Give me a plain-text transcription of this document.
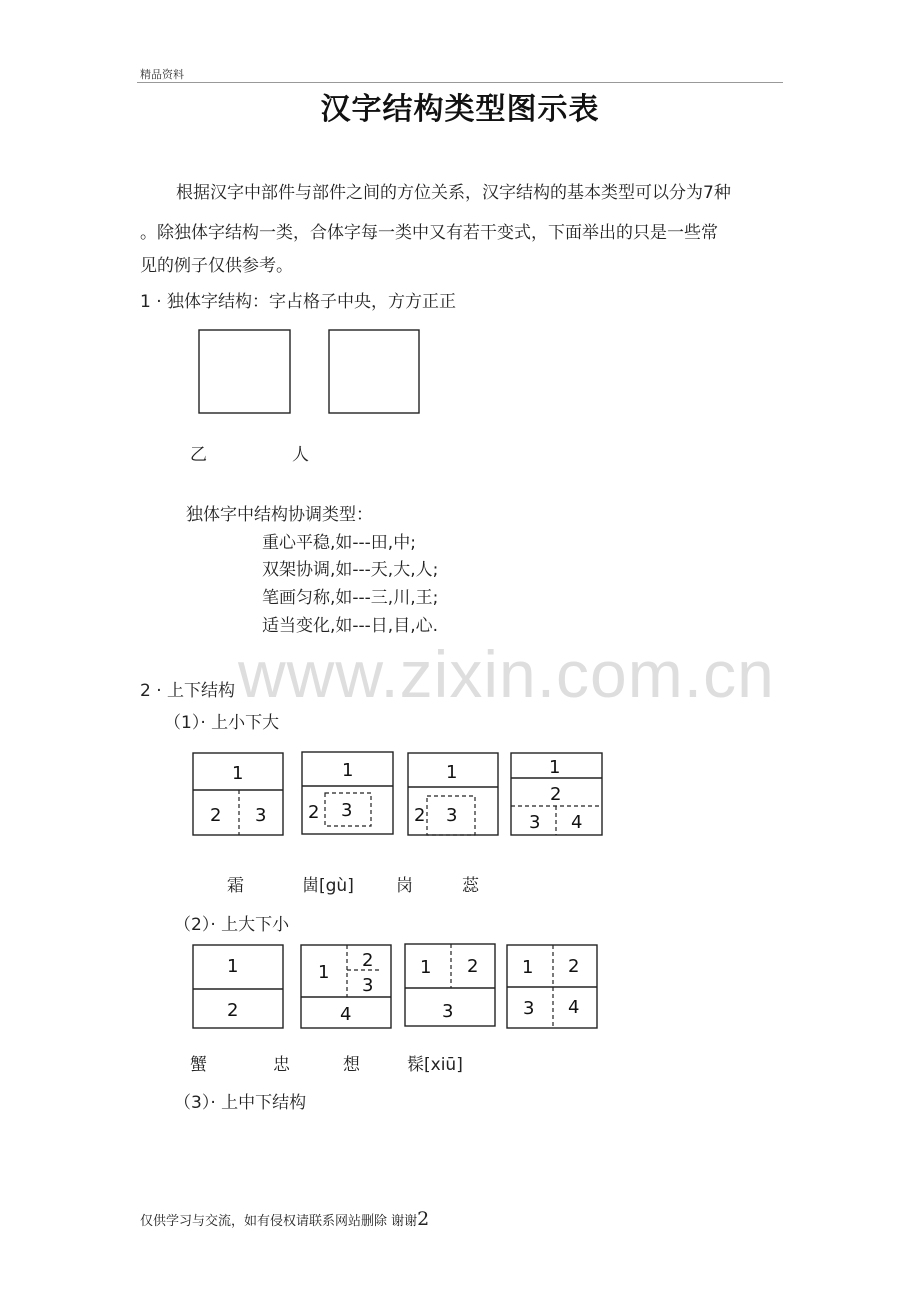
精品资料
汉字结构类型图示表
根据汉字中部件与部件之间的方位关系，汉字结构的基本类型可以分为7种
。除独体字结构一类，合体字每一类中又有若干变式，下面举出的只是一些常
见的例子仅供参考。
1 · 独体字结构：字占格子中央，方方正正
乙	人
独体字中结构协调类型：
重心平稳,如---田,中;
双架协调,如---天,大,人;
笔画匀称,如---三,川,王;
适当变化,如---日,目,心.
www.zixin.com.cn
2 · 上下结构
（1）· 上小下大
1
2 3
1
2 3
1
2 3
1
2
3 4
霜	崮[gù] 岗	蕊
（2）· 上大下小
1
2
1
2
3
4
1 2
3
1 2
3 4
蟹	忠	想	髹[xiū]
（3）· 上中下结构
仅供学习与交流，如有侵权请联系网站删除 谢谢2
